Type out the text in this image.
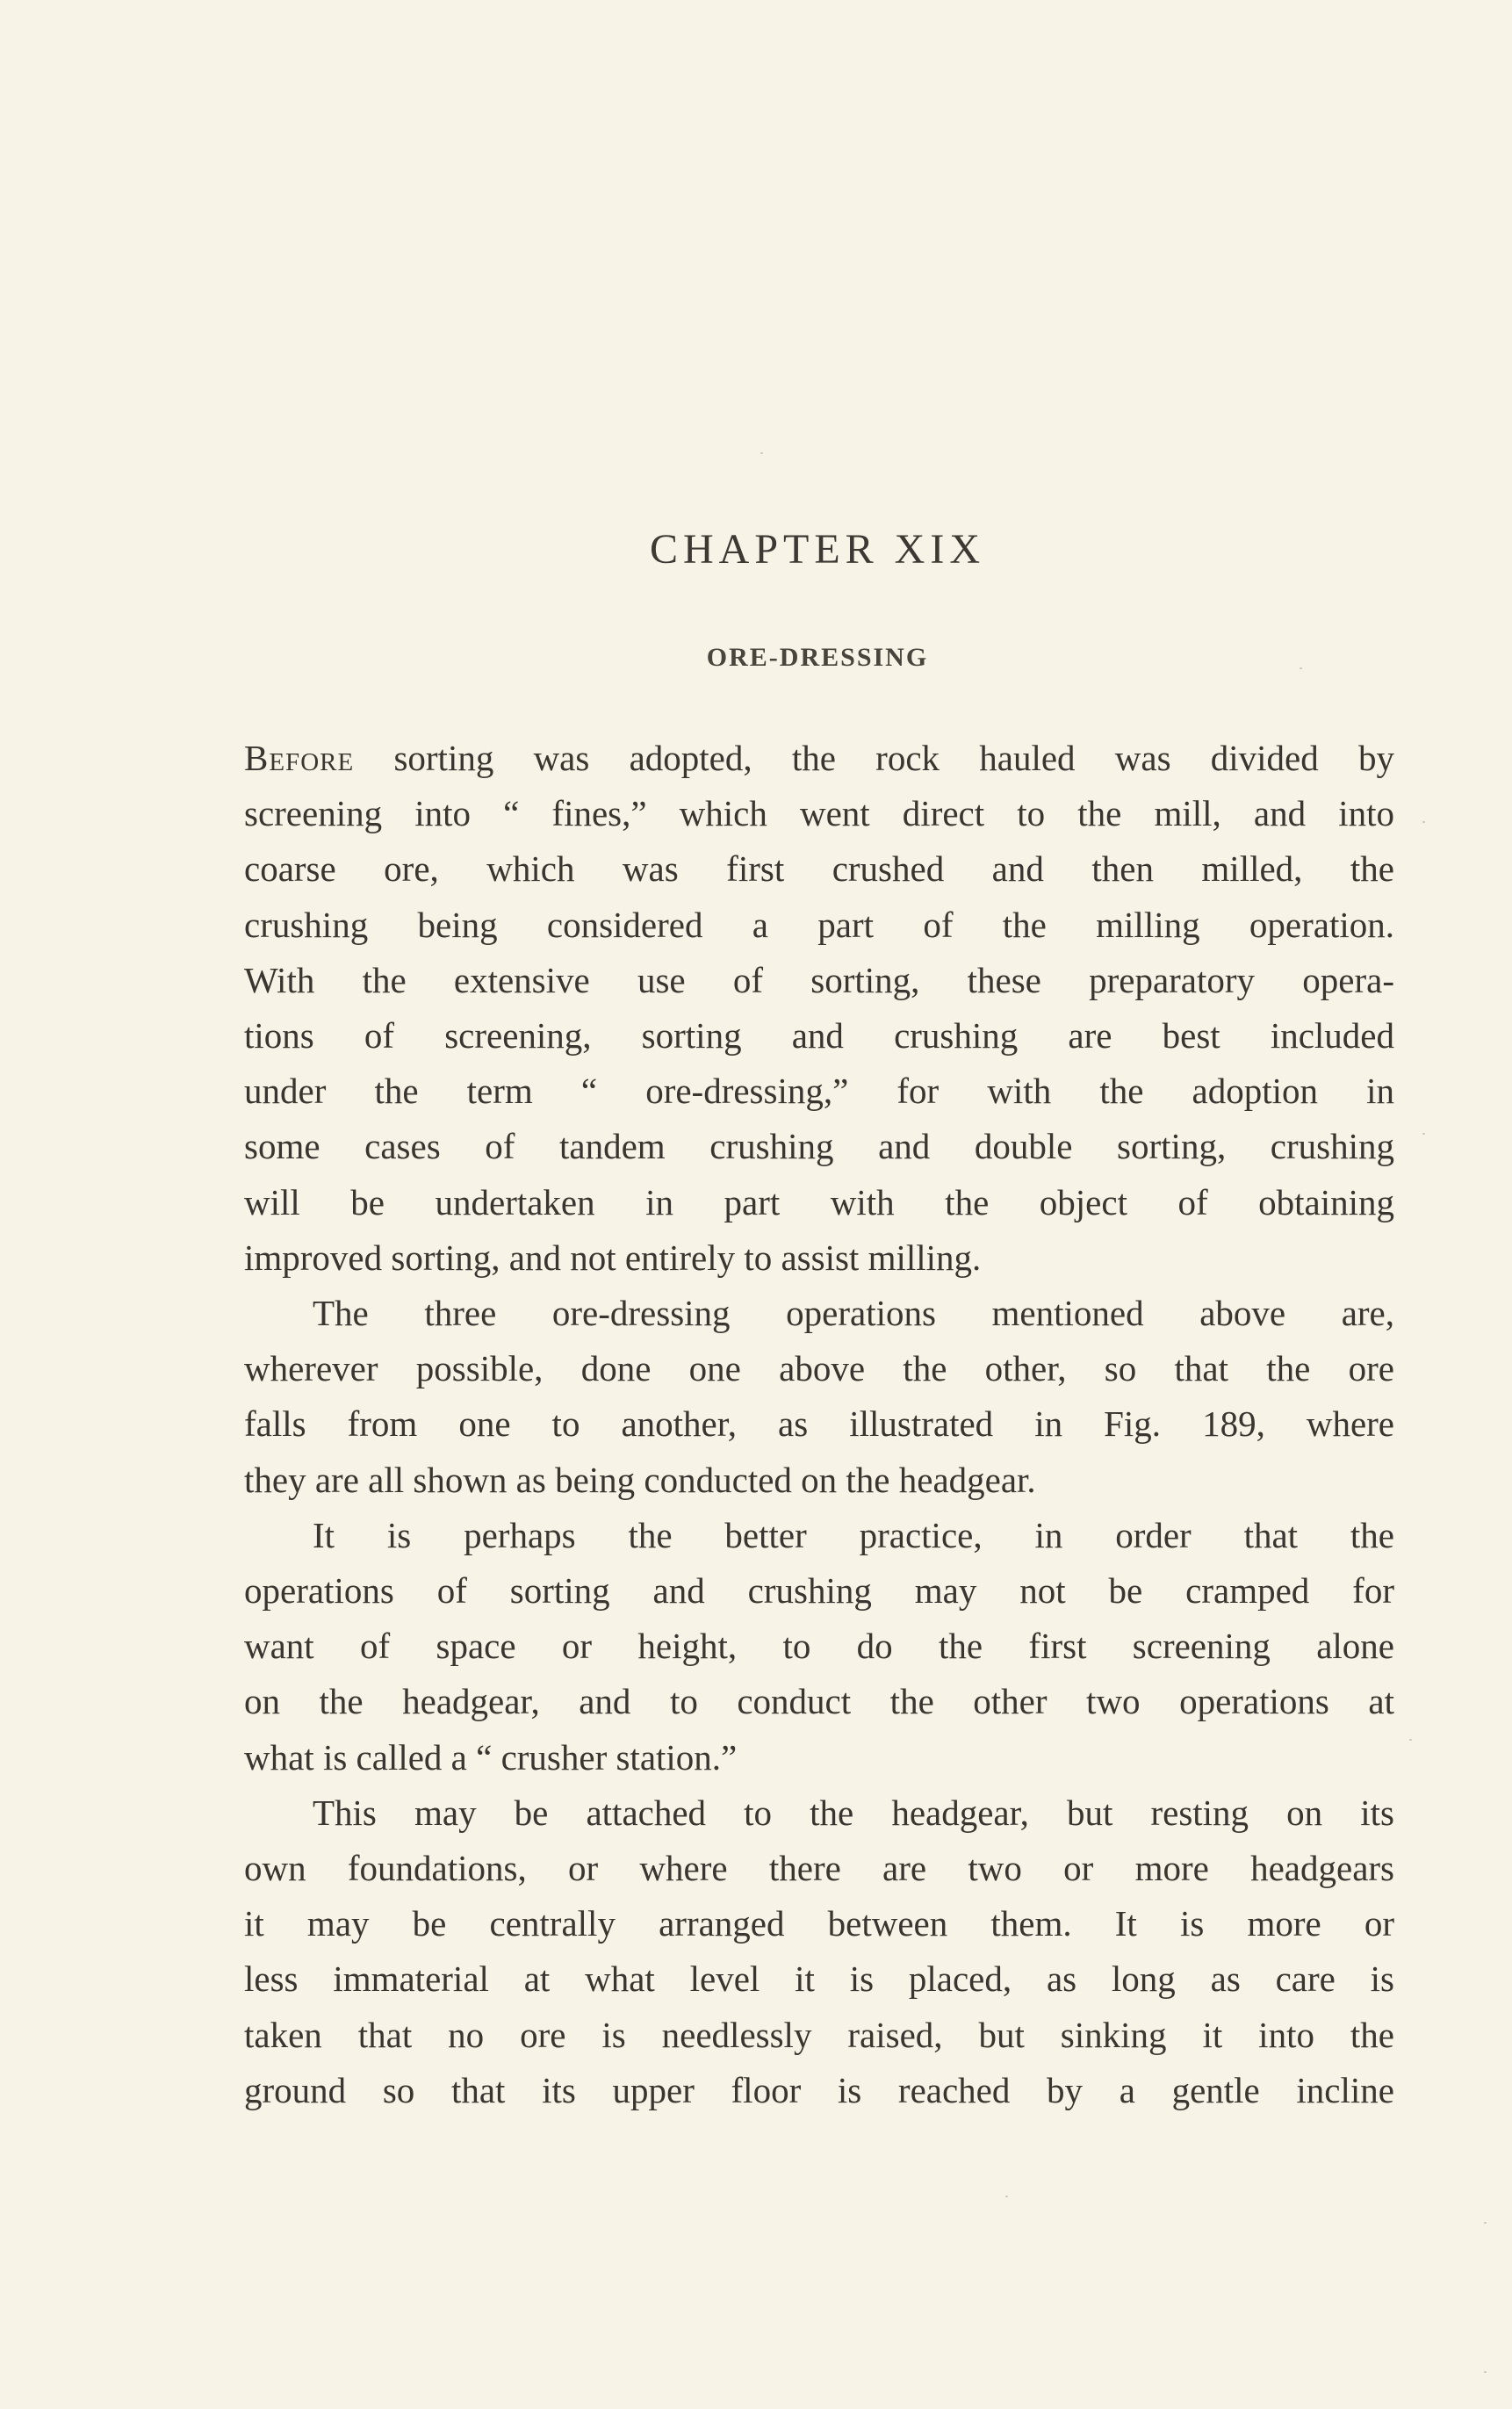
CHAPTER XIX
ORE-DRESSING
Before sorting was adopted, the rock hauled was divided by
screening into “ fines,” which went direct to the mill, and into
coarse ore, which was first crushed and then milled, the
crushing being considered a part of the milling operation.
With the extensive use of sorting, these preparatory opera-
tions of screening, sorting and crushing are best included
under the term “ ore-dressing,” for with the adoption in
some cases of tandem crushing and double sorting, crushing
will be undertaken in part with the object of obtaining
improved sorting, and not entirely to assist milling.
The three ore-dressing operations mentioned above are,
wherever possible, done one above the other, so that the ore
falls from one to another, as illustrated in Fig. 189, where
they are all shown as being conducted on the headgear.
It is perhaps the better practice, in order that the
operations of sorting and crushing may not be cramped for
want of space or height, to do the first screening alone
on the headgear, and to conduct the other two operations at
what is called a “ crusher station.”
This may be attached to the headgear, but resting on its
own foundations, or where there are two or more headgears
it may be centrally arranged between them. It is more or
less immaterial at what level it is placed, as long as care is
taken that no ore is needlessly raised, but sinking it into the
ground so that its upper floor is reached by a gentle incline
